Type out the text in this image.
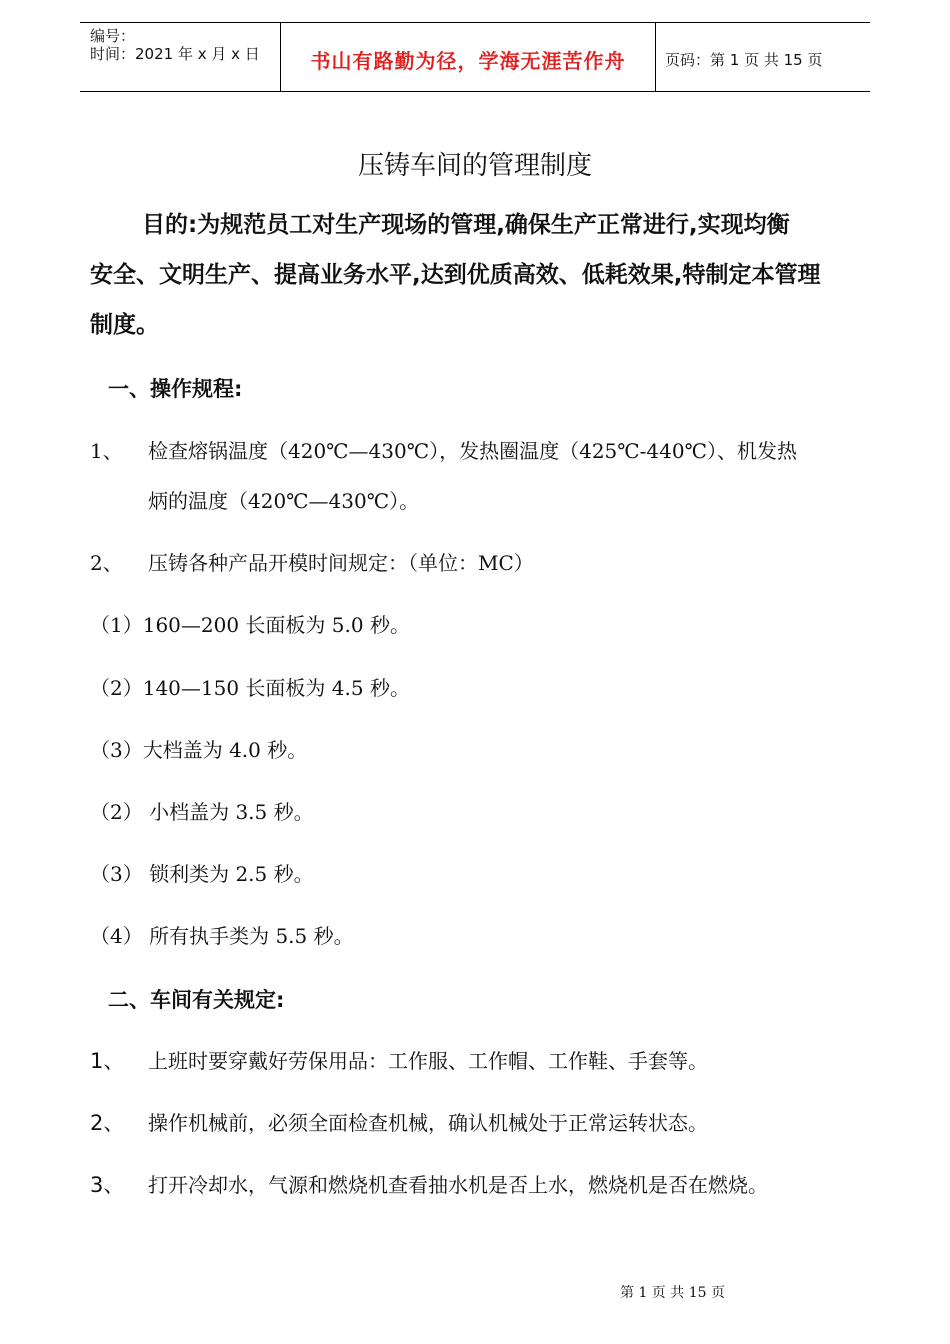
编号：
时间：2021 年 x 月 x 日	书山有路勤为径，学海无涯苦作舟	页码：第 1 页 共 15 页
压铸车间的管理制度
目的:为规范员工对生产现场的管理,确保生产正常进行,实现均衡
安全、文明生产、提高业务水平,达到优质高效、低耗效果,特制定本管理
制度。
一、操作规程:
1、 检查熔锅温度（420℃—430℃），发热圈温度（425℃-440℃）、机发热
炳的温度（420℃—430℃）。
2、 压铸各种产品开模时间规定：（单位：MC）
（1）160—200 长面板为 5.0 秒。
（2）140—150 长面板为 4.5 秒。
（3）大档盖为 4.0 秒。
（2） 小档盖为 3.5 秒。
（3） 锁利类为 2.5 秒。
（4） 所有执手类为 5.5 秒。
二、车间有关规定:
1、 上班时要穿戴好劳保用品：工作服、工作帽、工作鞋、手套等。
2、 操作机械前，必须全面检查机械，确认机械处于正常运转状态。
3、 打开冷却水，气源和燃烧机查看抽水机是否上水，燃烧机是否在燃烧。
第 1 页 共 15 页
